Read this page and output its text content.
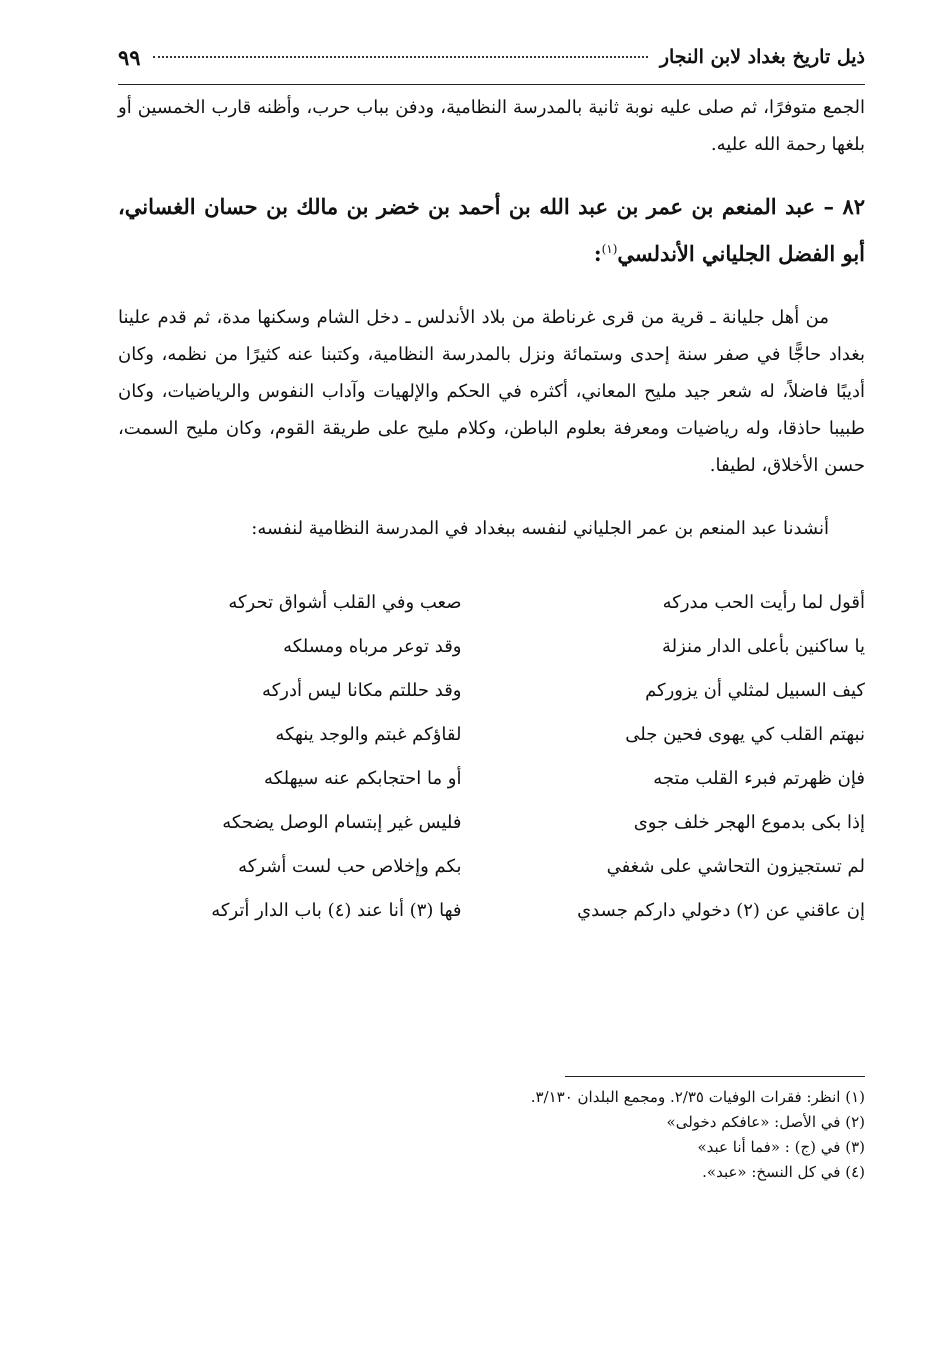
ذيل تاريخ بغداد لابن النجار
٩٩

الجمع متوفرًا، ثم صلى عليه نوبة ثانية بالمدرسة النظامية، ودفن بباب حرب، وأظنه قارب الخمسين أو بلغها رحمة الله عليه.

٨٢ – عبد المنعم بن عمر بن عبد الله بن أحمد بن خضر بن مالك بن حسان الغساني، أبو الفضل الجلياني الأندلسي$^{(١)}$:

من أهل جليانة ـ قرية من قرى غرناطة من بلاد الأندلس ـ دخل الشام وسكنها مدة، ثم قدم علينا بغداد حاجًّا في صفر سنة إحدى وستمائة ونزل بالمدرسة النظامية، وكتبنا عنه كثيرًا من نظمه، وكان أديبًا فاضلاً، له شعر جيد مليح المعاني، أكثره في الحكم والإلهيات وآداب النفوس والرياضيات، وكان طبيبا حاذقا، وله رياضيات ومعرفة بعلوم الباطن، وكلام مليح على طريقة القوم، وكان مليح السمت، حسن الأخلاق، لطيفا.

أنشدنا عبد المنعم بن عمر الجلياني لنفسه ببغداد في المدرسة النظامية لنفسه:

أقول لما رأيت الحب مدركه
صعب وفي القلب أشواق تحركه
يا ساكنين بأعلى الدار منزلة
وقد توعر مرباه ومسلكه
كيف السبيل لمثلي أن يزوركم
وقد حللتم مكانا ليس أدركه
نبهتم القلب كي يهوى فحين جلى
لقاؤكم غبتم والوجد ينهكه
فإن ظهرتم فبرء القلب متجه
أو ما احتجابكم عنه سيهلكه
إذا بكى بدموع الهجر خلف جوى
فليس غير إبتسام الوصل يضحكه
لم تستجيزون التحاشي على شغفي
بكم وإخلاص حب لست أشركه
إن عاقني عن (٢) دخولي داركم جسدي
فها (٣) أنا عند (٤) باب الدار أتركه
(١) انظر: فقرات الوفيات ٢/٣٥. ومجمع البلدان ٣/١٣٠.
(٢) في الأصل: «عافكم دخولى»
(٣) في (ج) : «فما أنا عبد»
(٤) في كل النسخ: «عبد».
